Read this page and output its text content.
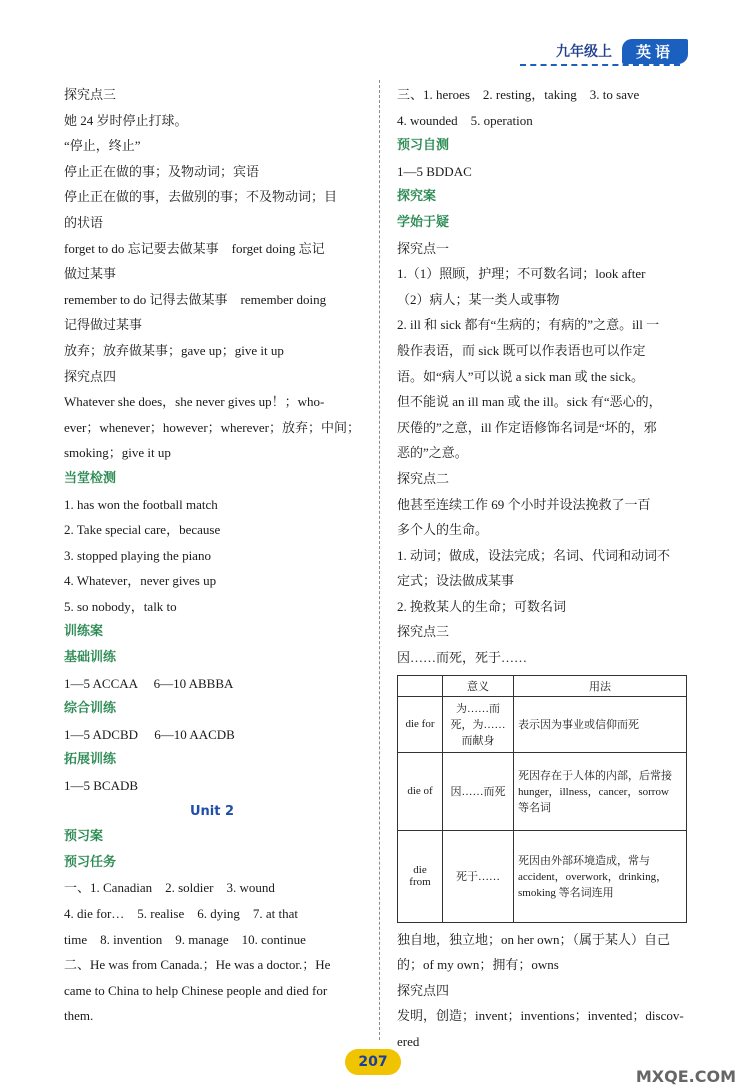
九年级上	英语
探究点三
她 24 岁时停止打球。
“停止，终止”
停止正在做的事；及物动词；宾语
停止正在做的事，去做别的事；不及物动词；目
的状语
forget to do 忘记要去做某事　forget doing 忘记
做过某事
remember to do 记得去做某事　remember doing
记得做过某事
放弃；放弃做某事；gave up；give it up
探究点四
Whatever she does，she never gives up！；who-
ever；whenever；however；wherever；放弃；中间；
smoking；give it up
当堂检测
1. has won the football match
2. Take special care，because
3. stopped playing the piano
4. Whatever，never gives up
5. so nobody，talk to
训练案
基础训练
1—5 ACCAA　 6—10 ABBBA
综合训练
1—5 ADCBD　 6—10 AACDB
拓展训练
1—5 BCADB
Unit 2
预习案
预习任务
一、1. Canadian　2. soldier　3. wound
4. die for…　5. realise　6. dying　7. at that
time　8. invention　9. manage　10. continue
二、He was from Canada.；He was a doctor.；He
came to China to help Chinese people and died for
them.
三、1. heroes　2. resting，taking　3. to save
4. wounded　5. operation
预习自测
1—5 BDDAC
探究案
学始于疑
探究点一
1.（1）照顾，护理；不可数名词；look after
（2）病人；某一类人或事物
2. ill 和 sick 都有“生病的；有病的”之意。ill 一
般作表语，而 sick 既可以作表语也可以作定
语。如“病人”可以说 a sick man 或 the sick。
但不能说 an ill man 或 the ill。sick 有“恶心的，
厌倦的”之意，ill 作定语修饰名词是“坏的，邪
恶的”之意。
探究点二
他甚至连续工作 69 个小时并设法挽救了一百
多个人的生命。
1. 动词；做成，设法完成；名词、代词和动词不
定式；设法做成某事
2. 挽救某人的生命；可数名词
探究点三
因……而死，死于……
	意义	用法
die for	为……而死，为……而献身	表示因为事业或信仰而死
die of	因……而死	死因存在于人体的内部，后常接 hunger，illness，cancer，sorrow 等名词
die from	死于……	死因由外部环境造成，常与 accident，overwork，drinking，smoking 等名词连用
独自地，独立地；on her own；（属于某人）自己
的；of my own；拥有；owns
探究点四
发明，创造；invent；inventions；invented；discov-
ered
207
MXQE.COM
